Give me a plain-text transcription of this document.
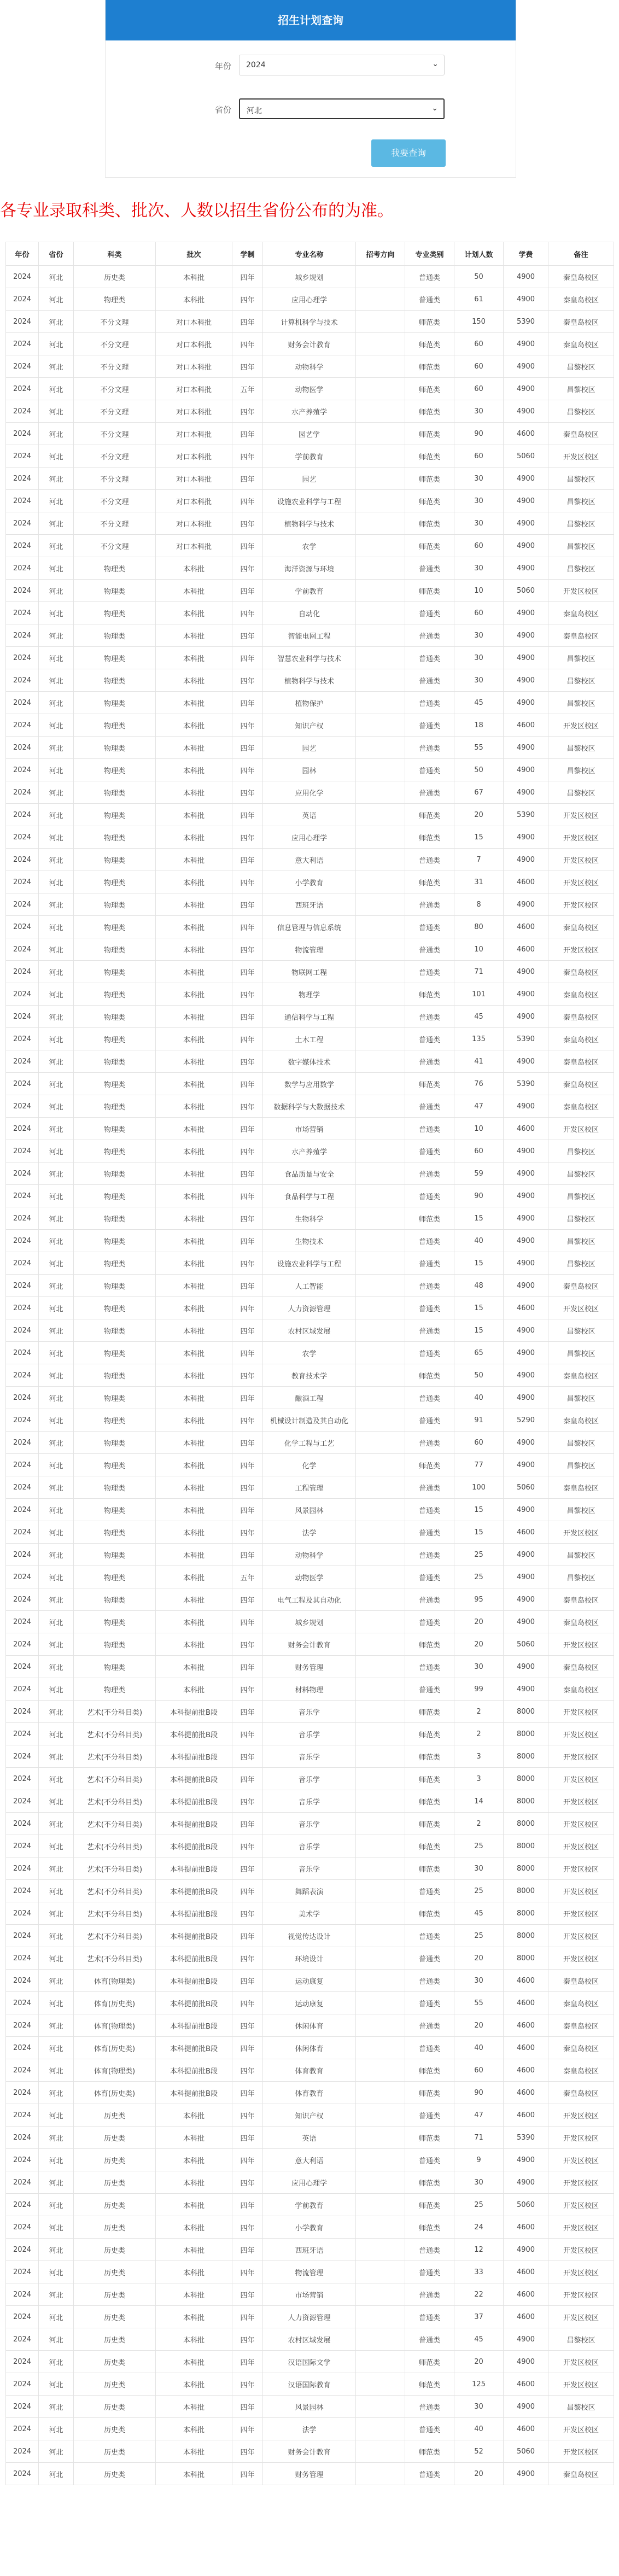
招生计划查询
年份	2024	⌄
省份	河北	⌄
我要查询
各专业录取科类、批次、人数以招生省份公布的为准。
年份	省份	科类	批次	学制	专业名称	招考方向	专业类别	计划人数	学费	备注
2024	河北	历史类	本科批	四年	城乡规划		普通类	50	4900	秦皇岛校区
2024	河北	物理类	本科批	四年	应用心理学		普通类	61	4900	秦皇岛校区
2024	河北	不分文理	对口本科批	四年	计算机科学与技术		师范类	150	5390	秦皇岛校区
2024	河北	不分文理	对口本科批	四年	财务会计教育		师范类	60	4900	秦皇岛校区
2024	河北	不分文理	对口本科批	四年	动物科学		师范类	60	4900	昌黎校区
2024	河北	不分文理	对口本科批	五年	动物医学		师范类	60	4900	昌黎校区
2024	河北	不分文理	对口本科批	四年	水产养殖学		师范类	30	4900	昌黎校区
2024	河北	不分文理	对口本科批	四年	园艺学		师范类	90	4600	秦皇岛校区
2024	河北	不分文理	对口本科批	四年	学前教育		师范类	60	5060	开发区校区
2024	河北	不分文理	对口本科批	四年	园艺		师范类	30	4900	昌黎校区
2024	河北	不分文理	对口本科批	四年	设施农业科学与工程		师范类	30	4900	昌黎校区
2024	河北	不分文理	对口本科批	四年	植物科学与技术		师范类	30	4900	昌黎校区
2024	河北	不分文理	对口本科批	四年	农学		师范类	60	4900	昌黎校区
2024	河北	物理类	本科批	四年	海洋资源与环境		普通类	30	4900	昌黎校区
2024	河北	物理类	本科批	四年	学前教育		师范类	10	5060	开发区校区
2024	河北	物理类	本科批	四年	自动化		普通类	60	4900	秦皇岛校区
2024	河北	物理类	本科批	四年	智能电网工程		普通类	30	4900	秦皇岛校区
2024	河北	物理类	本科批	四年	智慧农业科学与技术		普通类	30	4900	昌黎校区
2024	河北	物理类	本科批	四年	植物科学与技术		普通类	30	4900	昌黎校区
2024	河北	物理类	本科批	四年	植物保护		普通类	45	4900	昌黎校区
2024	河北	物理类	本科批	四年	知识产权		普通类	18	4600	开发区校区
2024	河北	物理类	本科批	四年	园艺		普通类	55	4900	昌黎校区
2024	河北	物理类	本科批	四年	园林		普通类	50	4900	昌黎校区
2024	河北	物理类	本科批	四年	应用化学		普通类	67	4900	昌黎校区
2024	河北	物理类	本科批	四年	英语		师范类	20	5390	开发区校区
2024	河北	物理类	本科批	四年	应用心理学		师范类	15	4900	开发区校区
2024	河北	物理类	本科批	四年	意大利语		普通类	7	4900	开发区校区
2024	河北	物理类	本科批	四年	小学教育		师范类	31	4600	开发区校区
2024	河北	物理类	本科批	四年	西班牙语		普通类	8	4900	开发区校区
2024	河北	物理类	本科批	四年	信息管理与信息系统		普通类	80	4600	秦皇岛校区
2024	河北	物理类	本科批	四年	物流管理		普通类	10	4600	开发区校区
2024	河北	物理类	本科批	四年	物联网工程		普通类	71	4900	秦皇岛校区
2024	河北	物理类	本科批	四年	物理学		师范类	101	4900	秦皇岛校区
2024	河北	物理类	本科批	四年	通信科学与工程		普通类	45	4900	秦皇岛校区
2024	河北	物理类	本科批	四年	土木工程		普通类	135	5390	秦皇岛校区
2024	河北	物理类	本科批	四年	数字媒体技术		普通类	41	4900	秦皇岛校区
2024	河北	物理类	本科批	四年	数学与应用数学		师范类	76	5390	秦皇岛校区
2024	河北	物理类	本科批	四年	数据科学与大数据技术		普通类	47	4900	秦皇岛校区
2024	河北	物理类	本科批	四年	市场营销		普通类	10	4600	开发区校区
2024	河北	物理类	本科批	四年	水产养殖学		普通类	60	4900	昌黎校区
2024	河北	物理类	本科批	四年	食品质量与安全		普通类	59	4900	昌黎校区
2024	河北	物理类	本科批	四年	食品科学与工程		普通类	90	4900	昌黎校区
2024	河北	物理类	本科批	四年	生物科学		师范类	15	4900	昌黎校区
2024	河北	物理类	本科批	四年	生物技术		普通类	40	4900	昌黎校区
2024	河北	物理类	本科批	四年	设施农业科学与工程		普通类	15	4900	昌黎校区
2024	河北	物理类	本科批	四年	人工智能		普通类	48	4900	秦皇岛校区
2024	河北	物理类	本科批	四年	人力资源管理		普通类	15	4600	开发区校区
2024	河北	物理类	本科批	四年	农村区域发展		普通类	15	4900	昌黎校区
2024	河北	物理类	本科批	四年	农学		普通类	65	4900	昌黎校区
2024	河北	物理类	本科批	四年	教育技术学		师范类	50	4900	秦皇岛校区
2024	河北	物理类	本科批	四年	酿酒工程		普通类	40	4900	昌黎校区
2024	河北	物理类	本科批	四年	机械设计制造及其自动化		普通类	91	5290	秦皇岛校区
2024	河北	物理类	本科批	四年	化学工程与工艺		普通类	60	4900	昌黎校区
2024	河北	物理类	本科批	四年	化学		师范类	77	4900	昌黎校区
2024	河北	物理类	本科批	四年	工程管理		普通类	100	5060	秦皇岛校区
2024	河北	物理类	本科批	四年	风景园林		普通类	15	4900	昌黎校区
2024	河北	物理类	本科批	四年	法学		普通类	15	4600	开发区校区
2024	河北	物理类	本科批	四年	动物科学		普通类	25	4900	昌黎校区
2024	河北	物理类	本科批	五年	动物医学		普通类	25	4900	昌黎校区
2024	河北	物理类	本科批	四年	电气工程及其自动化		普通类	95	4900	秦皇岛校区
2024	河北	物理类	本科批	四年	城乡规划		普通类	20	4900	秦皇岛校区
2024	河北	物理类	本科批	四年	财务会计教育		师范类	20	5060	开发区校区
2024	河北	物理类	本科批	四年	财务管理		普通类	30	4900	秦皇岛校区
2024	河北	物理类	本科批	四年	材料物理		普通类	99	4900	秦皇岛校区
2024	河北	艺术(不分科目类)	本科提前批B段	四年	音乐学		师范类	2	8000	开发区校区
2024	河北	艺术(不分科目类)	本科提前批B段	四年	音乐学		师范类	2	8000	开发区校区
2024	河北	艺术(不分科目类)	本科提前批B段	四年	音乐学		师范类	3	8000	开发区校区
2024	河北	艺术(不分科目类)	本科提前批B段	四年	音乐学		师范类	3	8000	开发区校区
2024	河北	艺术(不分科目类)	本科提前批B段	四年	音乐学		师范类	14	8000	开发区校区
2024	河北	艺术(不分科目类)	本科提前批B段	四年	音乐学		师范类	2	8000	开发区校区
2024	河北	艺术(不分科目类)	本科提前批B段	四年	音乐学		师范类	25	8000	开发区校区
2024	河北	艺术(不分科目类)	本科提前批B段	四年	音乐学		师范类	30	8000	开发区校区
2024	河北	艺术(不分科目类)	本科提前批B段	四年	舞蹈表演		普通类	25	8000	开发区校区
2024	河北	艺术(不分科目类)	本科提前批B段	四年	美术学		师范类	45	8000	开发区校区
2024	河北	艺术(不分科目类)	本科提前批B段	四年	视觉传达设计		普通类	25	8000	开发区校区
2024	河北	艺术(不分科目类)	本科提前批B段	四年	环境设计		普通类	20	8000	开发区校区
2024	河北	体育(物理类)	本科提前批B段	四年	运动康复		普通类	30	4600	秦皇岛校区
2024	河北	体育(历史类)	本科提前批B段	四年	运动康复		普通类	55	4600	秦皇岛校区
2024	河北	体育(物理类)	本科提前批B段	四年	休闲体育		普通类	20	4600	秦皇岛校区
2024	河北	体育(历史类)	本科提前批B段	四年	休闲体育		普通类	40	4600	秦皇岛校区
2024	河北	体育(物理类)	本科提前批B段	四年	体育教育		师范类	60	4600	秦皇岛校区
2024	河北	体育(历史类)	本科提前批B段	四年	体育教育		师范类	90	4600	秦皇岛校区
2024	河北	历史类	本科批	四年	知识产权		普通类	47	4600	开发区校区
2024	河北	历史类	本科批	四年	英语		师范类	71	5390	开发区校区
2024	河北	历史类	本科批	四年	意大利语		普通类	9	4900	开发区校区
2024	河北	历史类	本科批	四年	应用心理学		师范类	30	4900	开发区校区
2024	河北	历史类	本科批	四年	学前教育		师范类	25	5060	开发区校区
2024	河北	历史类	本科批	四年	小学教育		师范类	24	4600	开发区校区
2024	河北	历史类	本科批	四年	西班牙语		普通类	12	4900	开发区校区
2024	河北	历史类	本科批	四年	物流管理		普通类	33	4600	开发区校区
2024	河北	历史类	本科批	四年	市场营销		普通类	22	4600	开发区校区
2024	河北	历史类	本科批	四年	人力资源管理		普通类	37	4600	开发区校区
2024	河北	历史类	本科批	四年	农村区域发展		普通类	45	4900	昌黎校区
2024	河北	历史类	本科批	四年	汉语国际文学		师范类	20	4900	开发区校区
2024	河北	历史类	本科批	四年	汉语国际教育		师范类	125	4600	开发区校区
2024	河北	历史类	本科批	四年	风景园林		普通类	30	4900	昌黎校区
2024	河北	历史类	本科批	四年	法学		普通类	40	4600	开发区校区
2024	河北	历史类	本科批	四年	财务会计教育		师范类	52	5060	开发区校区
2024	河北	历史类	本科批	四年	财务管理		普通类	20	4900	秦皇岛校区
